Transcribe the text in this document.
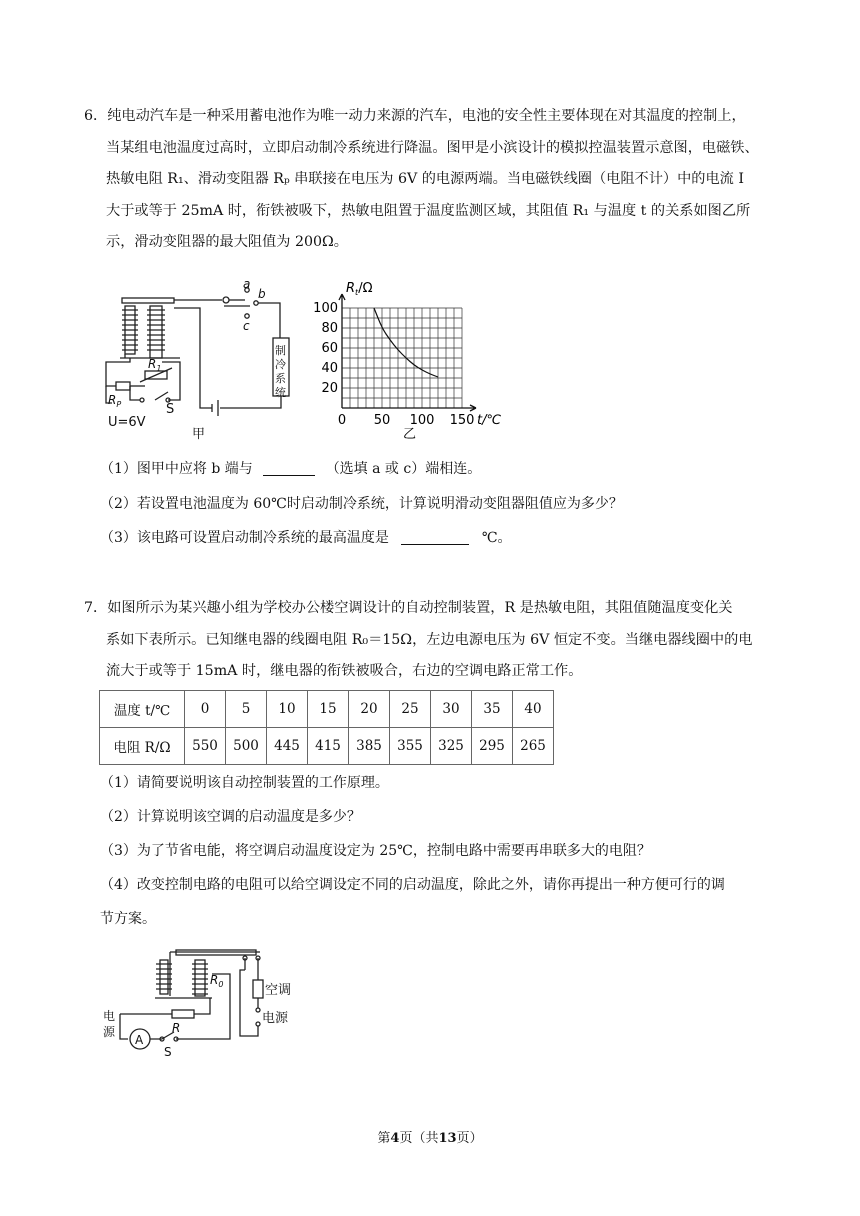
6．纯电动汽车是一种采用蓄电池作为唯一动力来源的汽车，电池的安全性主要体现在对其温度的控制上，
当某组电池温度过高时，立即启动制冷系统进行降温。图甲是小滨设计的模拟控温装置示意图，电磁铁、
热敏电阻 R₁、滑动变阻器 Rₚ 串联接在电压为 6V 的电源两端。当电磁铁线圈（电阻不计）中的电流 I
大于或等于 25mA 时，衔铁被吸下，热敏电阻置于温度监测区域，其阻值 R₁ 与温度 t 的关系如图乙所
示，滑动变阻器的最大阻值为 200Ω。
a
b
c
$R_1$
$R_P$	S
U=6V
甲
制
冷
系
统
0 50 100 150
20
40
60
80
100
$R_t/\Omega$
t/℃
乙
（1）图甲中应将 b 端与	（选填 a 或 c）端相连。
（2）若设置电池温度为 60℃时启动制冷系统，计算说明滑动变阻器阻值应为多少？
（3）该电路可设置启动制冷系统的最高温度是	℃。
7．如图所示为某兴趣小组为学校办公楼空调设计的自动控制装置，R 是热敏电阻，其阻值随温度变化关
系如下表所示。已知继电器的线圈电阻 R₀＝15Ω，左边电源电压为 6V 恒定不变。当继电器线圈中的电
流大于或等于 15mA 时，继电器的衔铁被吸合，右边的空调电路正常工作。
温度 t/℃	0	5	10	15	20	25	30	35	40
电阻 R/Ω	550	500	445	415	385	355	325	295	265
（1）请简要说明该自动控制装置的工作原理。
（2）计算说明该空调的启动温度是多少？
（3）为了节省电能，将空调启动温度设定为 25℃，控制电路中需要再串联多大的电阻？
（4）改变控制电路的电阻可以给空调设定不同的启动温度，除此之外，请你再提出一种方便可行的调
节方案。
$R_0$
R
A
S
电
源
空调
电源
第4页（共13页）
